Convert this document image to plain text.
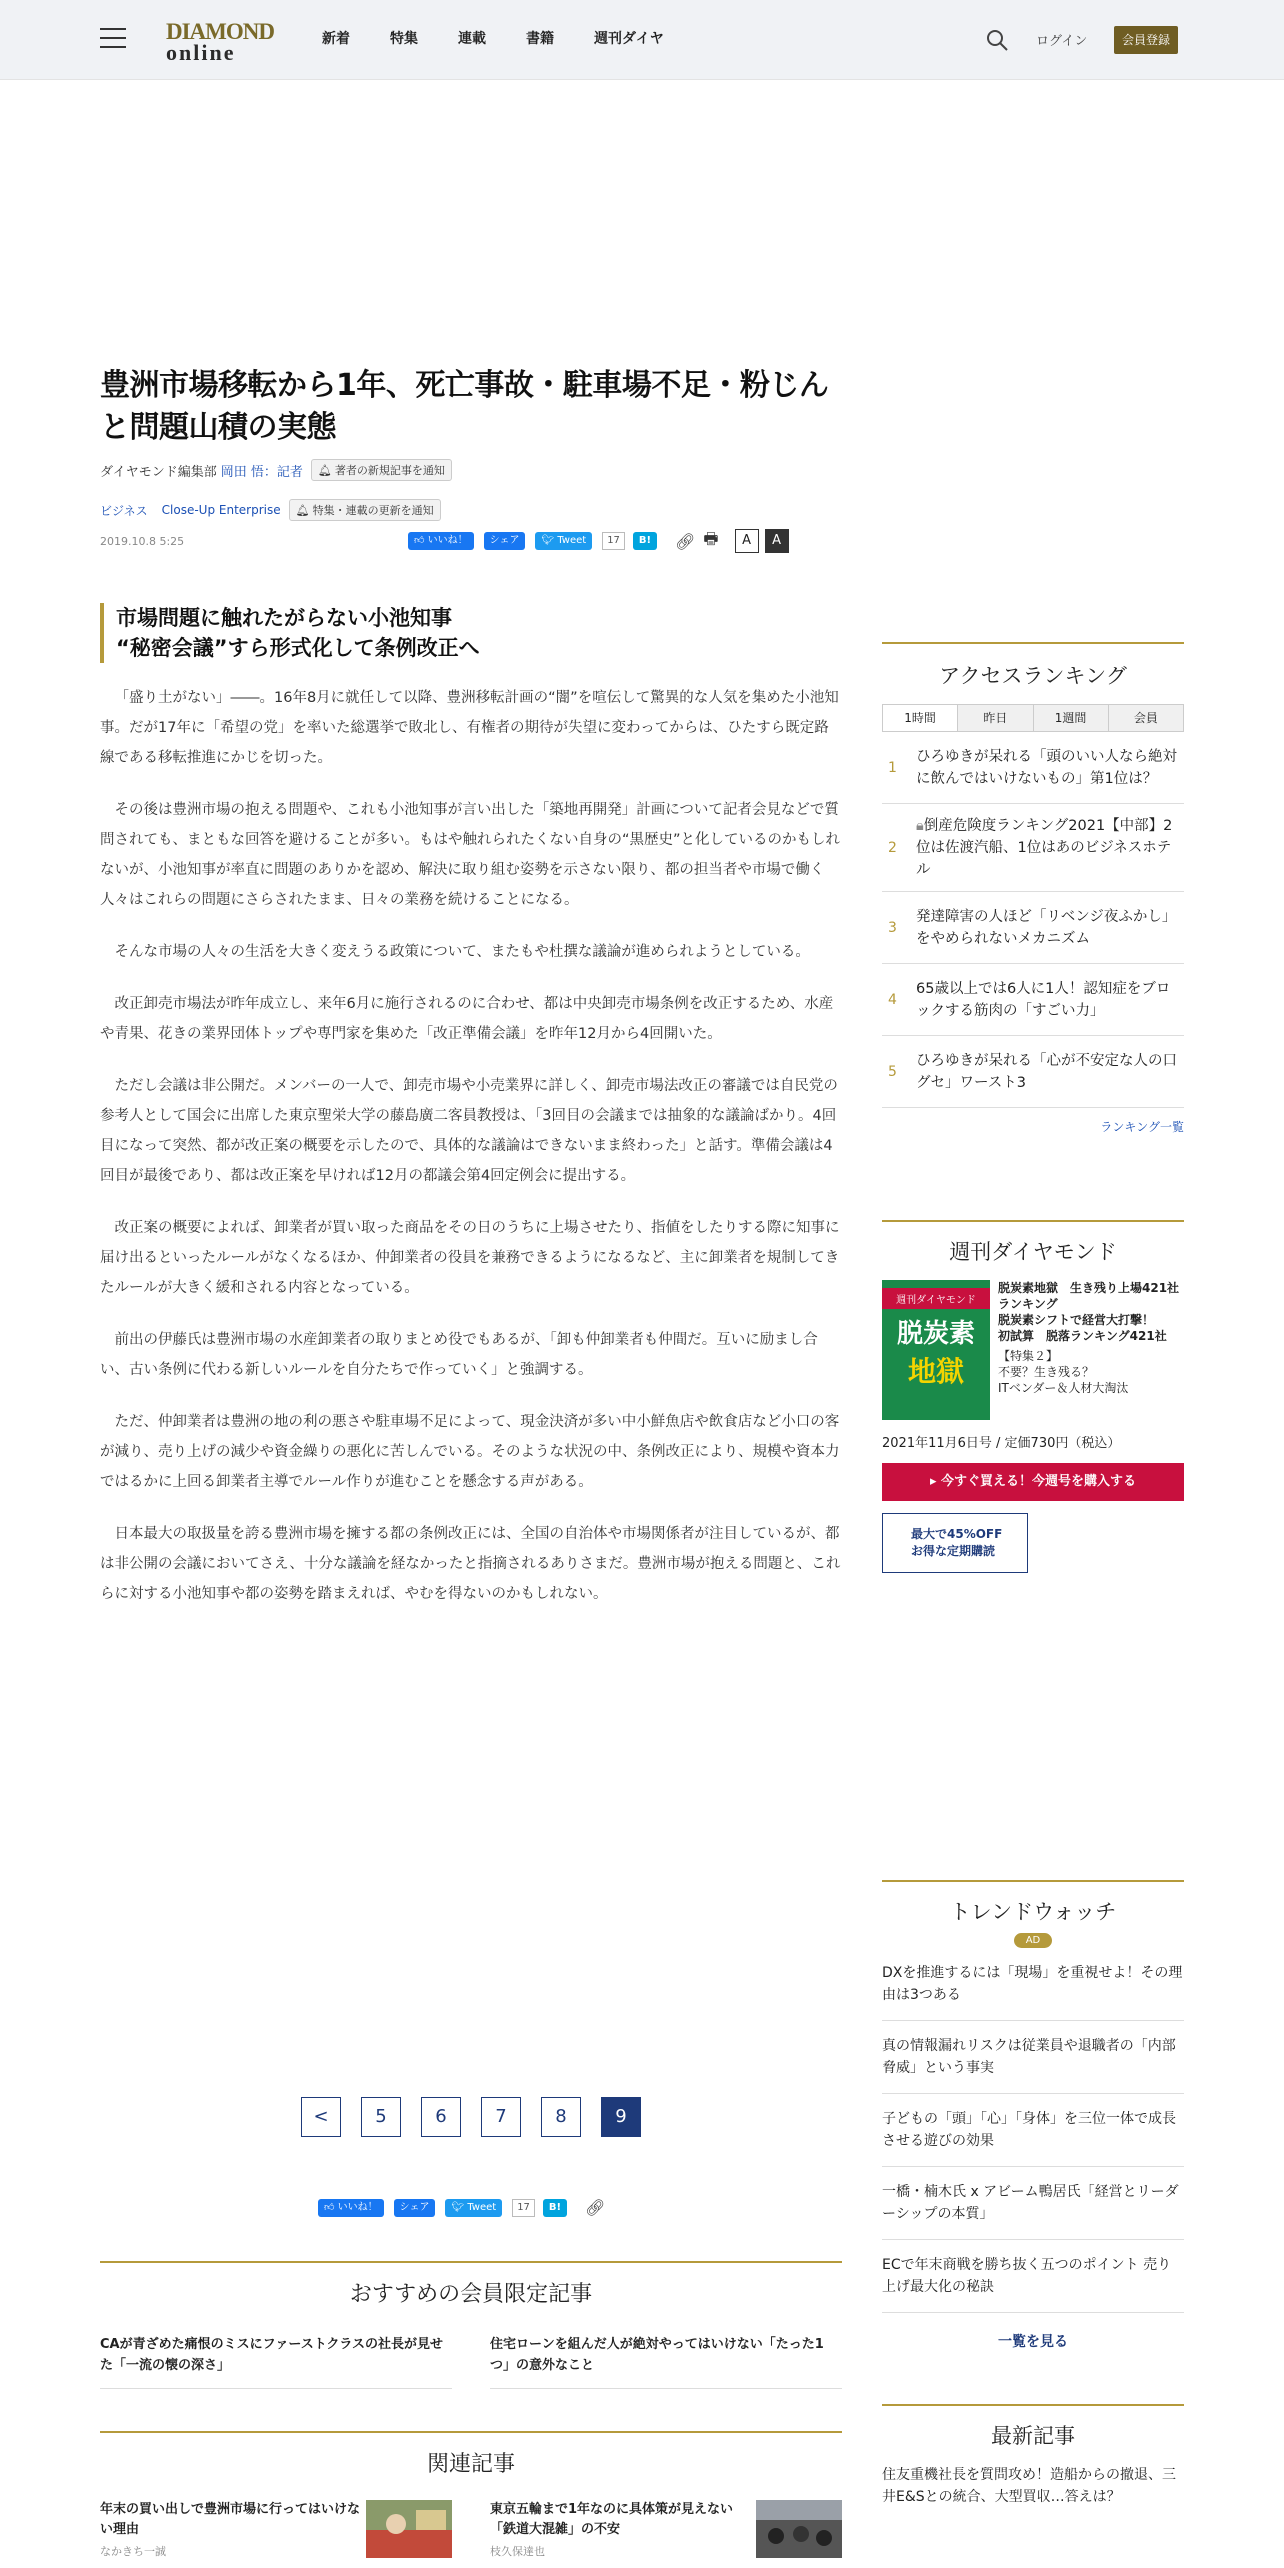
DIAMOND
online
新着	特集	連載	書籍	週刊ダイヤ	ログイン	会員登録
豊洲市場移転から1年、死亡事故・駐車場不足・粉じんと問題山積の実態
ダイヤモンド編集部 岡田 悟：記者 🔔︎ 著者の新規記事を通知
ビジネス Close-Up Enterprise 🔔︎ 特集・連載の更新を通知
2019.10.8 5:25	👍︎ いいね！	シェア	🐦︎ Tweet	17	B!	🔗︎ 🖶	A	A
市場問題に触れたがらない小池知事
“秘密会議”すら形式化して条例改正へ

「盛り土がない」――。16年8月に就任して以降、豊洲移転計画の“闇”を喧伝して驚異的な人気を集めた小池知事。だが17年に「希望の党」を率いた総選挙で敗北し、有権者の期待が失望に変わってからは、ひたすら既定路線である移転推進にかじを切った。

その後は豊洲市場の抱える問題や、これも小池知事が言い出した「築地再開発」計画について記者会見などで質問されても、まともな回答を避けることが多い。もはや触れられたくない自身の“黒歴史”と化しているのかもしれないが、小池知事が率直に問題のありかを認め、解決に取り組む姿勢を示さない限り、都の担当者や市場で働く人々はこれらの問題にさらされたまま、日々の業務を続けることになる。

そんな市場の人々の生活を大きく変えうる政策について、またもや杜撰な議論が進められようとしている。

改正卸売市場法が昨年成立し、来年6月に施行されるのに合わせ、都は中央卸売市場条例を改正するため、水産や青果、花きの業界団体トップや専門家を集めた「改正準備会議」を昨年12月から4回開いた。

ただし会議は非公開だ。メンバーの一人で、卸売市場や小売業界に詳しく、卸売市場法改正の審議では自民党の参考人として国会に出席した東京聖栄大学の藤島廣二客員教授は、「3回目の会議までは抽象的な議論ばかり。4回目になって突然、都が改正案の概要を示したので、具体的な議論はできないまま終わった」と話す。準備会議は4回目が最後であり、都は改正案を早ければ12月の都議会第4回定例会に提出する。

改正案の概要によれば、卸業者が買い取った商品をその日のうちに上場させたり、指値をしたりする際に知事に届け出るといったルールがなくなるほか、仲卸業者の役員を兼務できるようになるなど、主に卸業者を規制してきたルールが大きく緩和される内容となっている。

前出の伊藤氏は豊洲市場の水産卸業者の取りまとめ役でもあるが、「卸も仲卸業者も仲間だ。互いに励まし合い、古い条例に代わる新しいルールを自分たちで作っていく」と強調する。

ただ、仲卸業者は豊洲の地の利の悪さや駐車場不足によって、現金決済が多い中小鮮魚店や飲食店など小口の客が減り、売り上げの減少や資金繰りの悪化に苦しんでいる。そのような状況の中、条例改正により、規模や資本力ではるかに上回る卸業者主導でルール作りが進むことを懸念する声がある。

日本最大の取扱量を誇る豊洲市場を擁する都の条例改正には、全国の自治体や市場関係者が注目しているが、都は非公開の会議においてさえ、十分な議論を経なかったと指摘されるありさまだ。豊洲市場が抱える問題と、これらに対する小池知事や都の姿勢を踏まえれば、やむを得ないのかもしれない。

<	5	6	7	8	9
👍︎ いいね！	シェア	🐦︎ Tweet	17	B!	🔗︎
おすすめの会員限定記事
CAが青ざめた痛恨のミスにファーストクラスの社長が見せた「一流の懐の深さ」
住宅ローンを組んだ人が絶対やってはいけない「たった1つ」の意外なこと
関連記事
年末の買い出しで豊洲市場に行ってはいけない理由
なかきち一誠
東京五輪まで1年なのに具体策が見えない「鉄道大混雑」の不安
枝久保達也
アクセスランキング
1時間	昨日	1週間	会員
1
ひろゆきが呆れる「頭のいい人なら絶対に飲んではいけないもの」第1位は？
2
🔒︎倒産危険度ランキング2021【中部】2位は佐渡汽船、1位はあのビジネスホテル
3
発達障害の人ほど「リベンジ夜ふかし」をやめられないメカニズム
4
65歳以上では6人に1人！認知症をブロックする筋肉の「すごい力」
5
ひろゆきが呆れる「心が不安定な人の口グセ」ワースト3
ランキング一覧
週刊ダイヤモンド
週刊ダイヤモンド
脱炭素
地獄
脱炭素地獄　生き残り上場421社ランキング
脱炭素シフトで経営大打撃！
初試算　脱落ランキング421社
【特集２】
不要？生き残る？
ITベンダー＆人材大淘汰
2021年11月6日号 / 定価730円（税込）
▸ 今すぐ買える！今週号を購入する
最大で45%OFF
お得な定期購読
トレンドウォッチ
AD
DXを推進するには「現場」を重視せよ！その理由は3つある
真の情報漏れリスクは従業員や退職者の「内部脅威」という事実
子どもの「頭」「心」「身体」を三位一体で成長させる遊びの効果
一橋・楠木氏 x アビーム鴨居氏「経営とリーダーシップの本質」
ECで年末商戦を勝ち抜く五つのポイント 売り上げ最大化の秘訣
一覧を見る
最新記事
住友重機社長を質問攻め！造船からの撤退、三井E&Sとの統合、大型買収…答えは？
